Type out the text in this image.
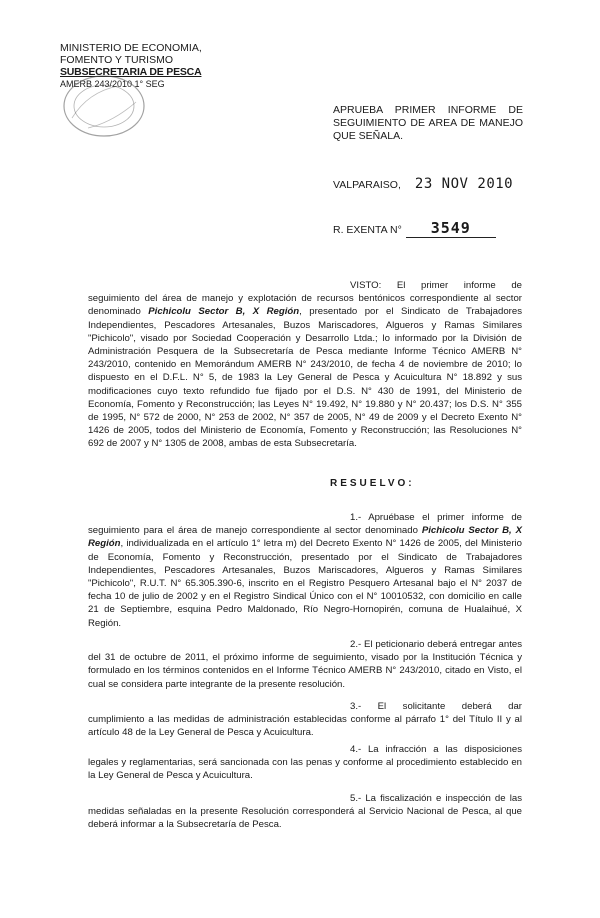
MINISTERIO DE ECONOMIA,
FOMENTO Y TURISMO
SUBSECRETARIA DE PESCA
AMERB 243/2010 1° SEG
APRUEBA PRIMER INFORME DE SEGUIMIENTO DE AREA DE MANEJO QUE SEÑALA.
VALPARAISO, 23 NOV 2010
R. EXENTA N° 3549

VISTO: El primer informe de seguimiento del área de manejo y explotación de recursos bentónicos correspondiente al sector denominado Pichicolu Sector B, X Región, presentado por el Sindicato de Trabajadores Independientes, Pescadores Artesanales, Buzos Mariscadores, Algueros y Ramas Similares "Pichicolo", visado por Sociedad Cooperación y Desarrollo Ltda.; lo informado por la División de Administración Pesquera de la Subsecretaría de Pesca mediante Informe Técnico AMERB N° 243/2010, contenido en Memorándum AMERB N° 243/2010, de fecha 4 de noviembre de 2010; lo dispuesto en el D.F.L. N° 5, de 1983 la Ley General de Pesca y Acuicultura N° 18.892 y sus modificaciones cuyo texto refundido fue fijado por el D.S. N° 430 de 1991, del Ministerio de Economía, Fomento y Reconstrucción; las Leyes N° 19.492, N° 19.880 y N° 20.437; los D.S. N° 355 de 1995, N° 572 de 2000, N° 253 de 2002, N° 357 de 2005, N° 49 de 2009 y el Decreto Exento N° 1426 de 2005, todos del Ministerio de Economía, Fomento y Reconstrucción; las Resoluciones N° 692 de 2007 y N° 1305 de 2008, ambas de esta Subsecretaría.

RESUELVO:

1.- Apruébase el primer informe de seguimiento para el área de manejo correspondiente al sector denominado Pichicolu Sector B, X Región, individualizada en el artículo 1° letra m) del Decreto Exento N° 1426 de 2005, del Ministerio de Economía, Fomento y Reconstrucción, presentado por el Sindicato de Trabajadores Independientes, Pescadores Artesanales, Buzos Mariscadores, Algueros y Ramas Similares "Pichicolo", R.U.T. N° 65.305.390-6, inscrito en el Registro Pesquero Artesanal bajo el N° 2037 de fecha 10 de julio de 2002 y en el Registro Sindical Único con el N° 10010532, con domicilio en calle 21 de Septiembre, esquina Pedro Maldonado, Río Negro-Hornopirén, comuna de Hualaihué, X Región.

2.- El peticionario deberá entregar antes del 31 de octubre de 2011, el próximo informe de seguimiento, visado por la Institución Técnica y formulado en los términos contenidos en el Informe Técnico AMERB N° 243/2010, citado en Visto, el cual se considera parte integrante de la presente resolución.

3.- El solicitante deberá dar cumplimiento a las medidas de administración establecidas conforme al párrafo 1° del Título II y al artículo 48 de la Ley General de Pesca y Acuicultura.

4.- La infracción a las disposiciones legales y reglamentarias, será sancionada con las penas y conforme al procedimiento establecido en la Ley General de Pesca y Acuicultura.

5.- La fiscalización e inspección de las medidas señaladas en la presente Resolución corresponderá al Servicio Nacional de Pesca, al que deberá informar a la Subsecretaría de Pesca.
